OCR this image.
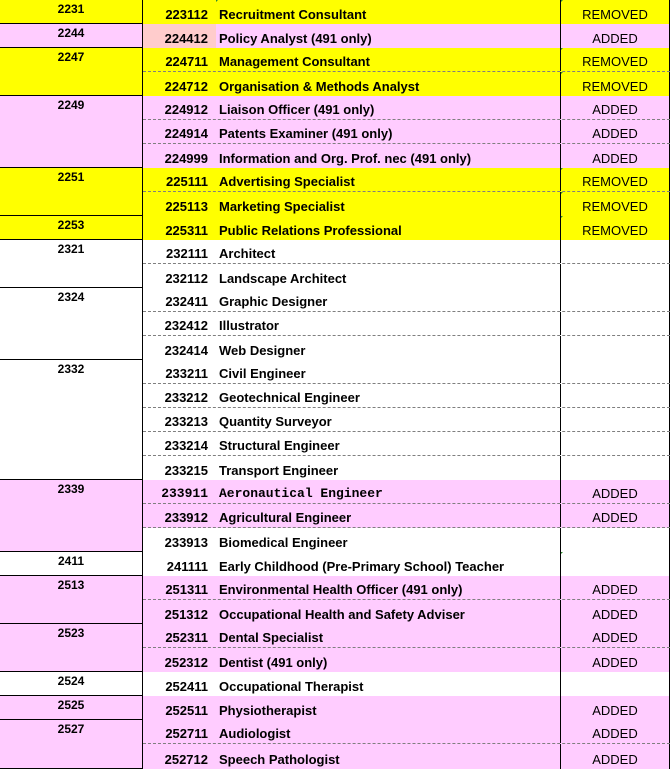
2231	223112 Recruitment Consultant	REMOVED
2244	224412 Policy Analyst (491 only)	ADDED
2247	224711 Management Consultant	REMOVED
224712 Organisation & Methods Analyst	REMOVED
2249	224912 Liaison Officer (491 only)	ADDED
224914 Patents Examiner (491 only)	ADDED
224999 Information and Org. Prof. nec (491 only)	ADDED
2251	225111 Advertising Specialist	REMOVED
225113 Marketing Specialist	REMOVED
2253	225311 Public Relations Professional	REMOVED
2321	232111 Architect
232112 Landscape Architect
2324	232411 Graphic Designer
232412 Illustrator
232414 Web Designer
2332	233211 Civil Engineer
233212 Geotechnical Engineer
233213 Quantity Surveyor
233214 Structural Engineer
233215 Transport Engineer
2339	233911 Aeronautical Engineer	ADDED
233912 Agricultural Engineer	ADDED
233913 Biomedical Engineer
2411	241111 Early Childhood (Pre-Primary School) Teacher
2513	251311 Environmental Health Officer (491 only)	ADDED
251312 Occupational Health and Safety Adviser	ADDED
2523	252311 Dental Specialist	ADDED
252312 Dentist (491 only)	ADDED
2524	252411 Occupational Therapist
2525	252511 Physiotherapist	ADDED
2527	252711 Audiologist	ADDED
252712 Speech Pathologist	ADDED
